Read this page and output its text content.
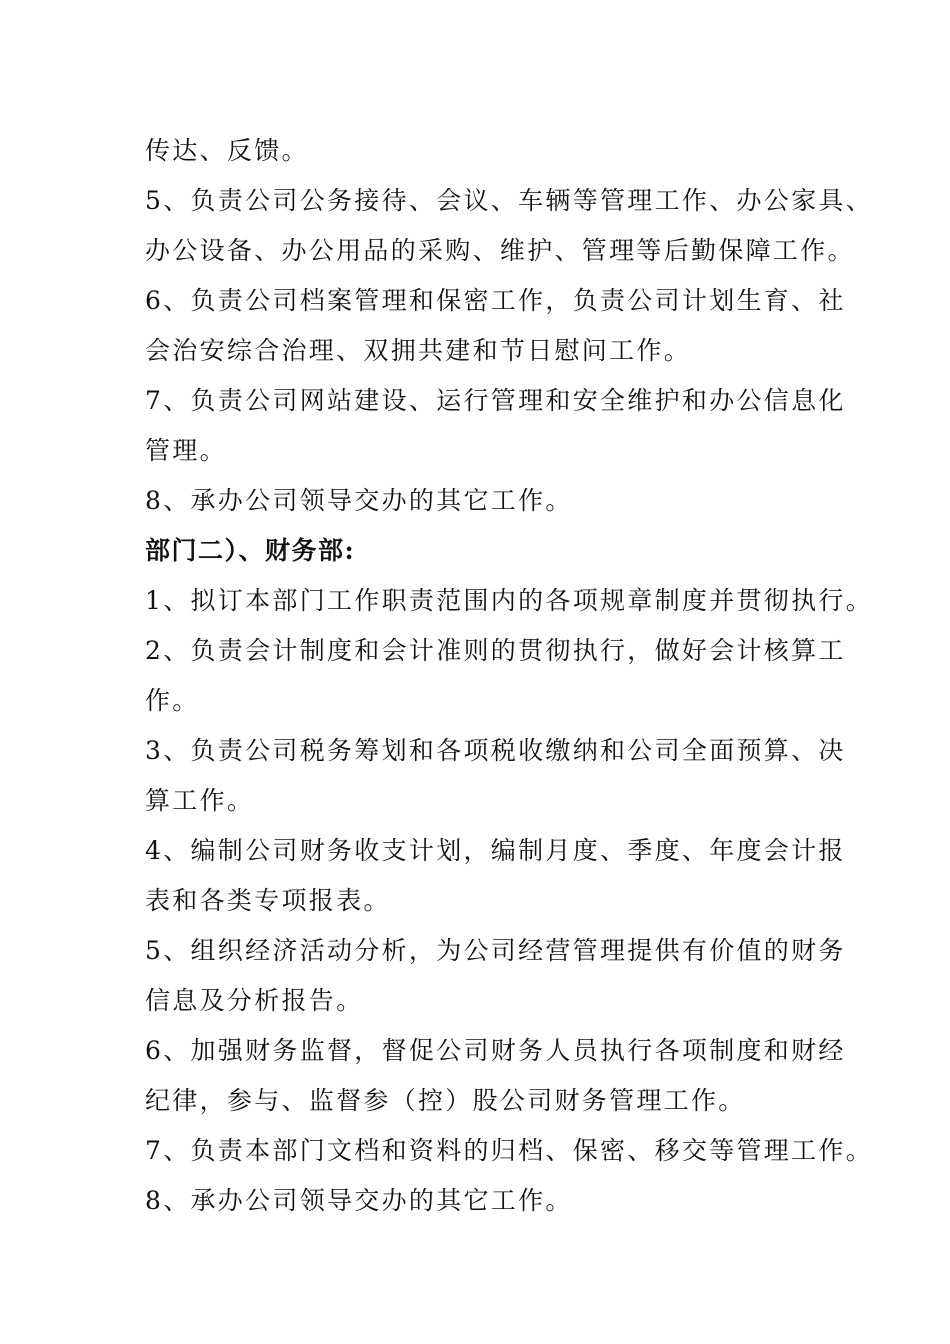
传达、反馈。
5、负责公司公务接待、会议、车辆等管理工作、办公家具、
办公设备、办公用品的采购、维护、管理等后勤保障工作。
6、负责公司档案管理和保密工作，负责公司计划生育、社
会治安综合治理、双拥共建和节日慰问工作。
7、负责公司网站建设、运行管理和安全维护和办公信息化
管理。
8、承办公司领导交办的其它工作。
部门二）、财务部:
1、拟订本部门工作职责范围内的各项规章制度并贯彻执行。
2、负责会计制度和会计准则的贯彻执行，做好会计核算工
作。
3、负责公司税务筹划和各项税收缴纳和公司全面预算、决
算工作。
4、编制公司财务收支计划，编制月度、季度、年度会计报
表和各类专项报表。
5、组织经济活动分析，为公司经营管理提供有价值的财务
信息及分析报告。
6、加强财务监督，督促公司财务人员执行各项制度和财经
纪律，参与、监督参（控）股公司财务管理工作。
7、负责本部门文档和资料的归档、保密、移交等管理工作。
8、承办公司领导交办的其它工作。
